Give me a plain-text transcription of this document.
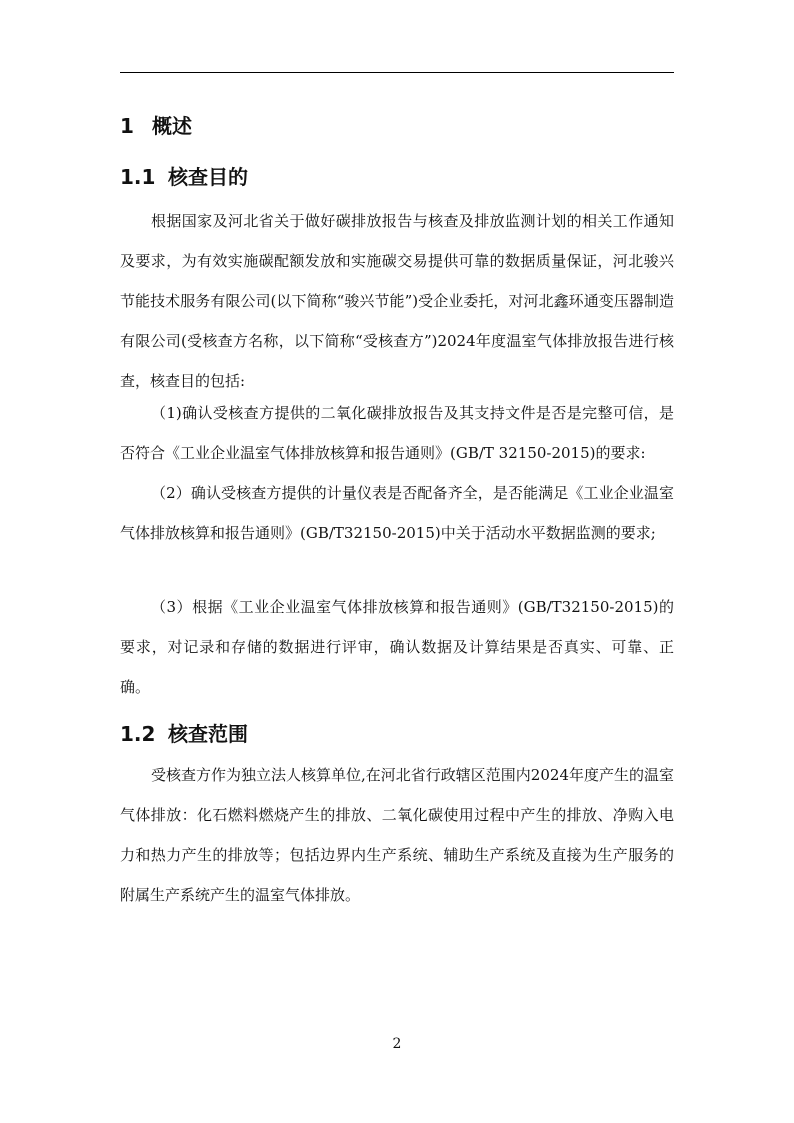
1 概述
1.1 核查目的
根据国家及河北省关于做好碳排放报告与核查及排放监测计划的相关工作通知及要求，为有效实施碳配额发放和实施碳交易提供可靠的数据质量保证，河北骏兴节能技术服务有限公司(以下简称“骏兴节能”)受企业委托，对河北鑫环通变压器制造有限公司(受核查方名称，以下简称“受核查方”)2024年度温室气体排放报告进行核查，核查目的包括:
（1)确认受核查方提供的二氧化碳排放报告及其支持文件是否是完整可信，是否符合《工业企业温室气体排放核算和报告通则》(GB/T 32150-2015)的要求:
（2）确认受核查方提供的计量仪表是否配备齐全，是否能满足《工业企业温室气体排放核算和报告通则》(GB/T32150-2015)中关于活动水平数据监测的要求;
（3）根据《工业企业温室气体排放核算和报告通则》(GB/T32150-2015)的要求，对记录和存储的数据进行评审，确认数据及计算结果是否真实、可靠、正确。
1.2 核查范围
受核查方作为独立法人核算单位,在河北省行政辖区范围内2024年度产生的温室气体排放：化石燃料燃烧产生的排放、二氧化碳使用过程中产生的排放、净购入电力和热力产生的排放等；包括边界内生产系统、辅助生产系统及直接为生产服务的附属生产系统产生的温室气体排放。
2
